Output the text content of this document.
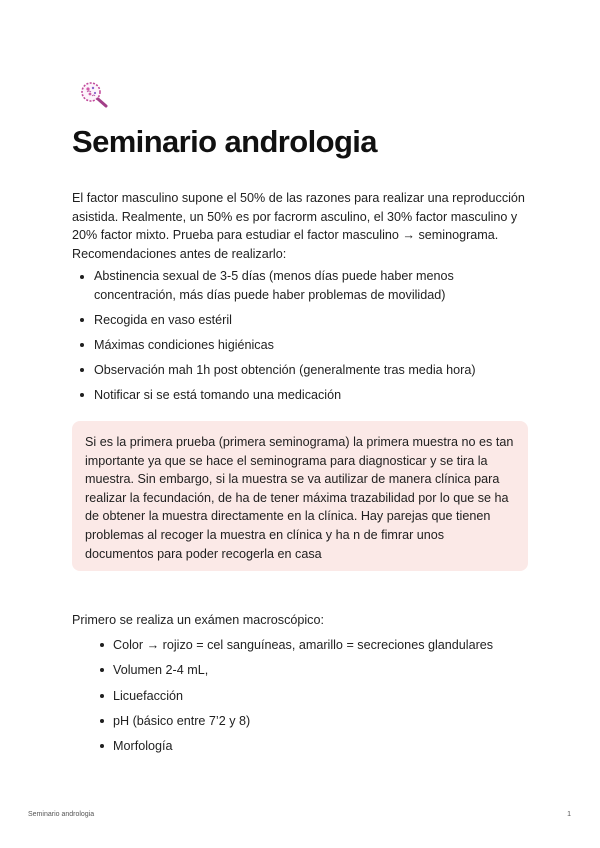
Seminario andrologia

El factor masculino supone el 50% de las razones para realizar una reproducción asistida. Realmente, un 50% es por facrorm asculino, el 30% factor masculino y 20% factor mixto. Prueba para estudiar el factor masculino → seminograma. Recomendaciones antes de realizarlo:

Abstinencia sexual de 3-5 días (menos días puede haber menos concentración, más días puede haber problemas de movilidad)
Recogida en vaso estéril
Máximas condiciones higiénicas
Observación mah 1h post obtención (generalmente tras media hora)
Notificar si se está tomando una medicación

Si es la primera prueba (primera seminograma) la primera muestra no es tan importante ya que se hace el seminograma para diagnosticar y se tira la muestra. Sin embargo, si la muestra se va autilizar de manera clínica para realizar la fecundación, de ha de tener máxima trazabilidad por lo que se ha de obtener la muestra directamente en la clínica. Hay parejas que tienen problemas al recoger la muestra en clínica y ha n de fimrar unos documentos para poder recogerla en casa

Primero se realiza un exámen macroscópico:

Color → rojizo = cel sanguíneas, amarillo = secreciones glandulares
Volumen 2-4 mL,
Licuefacción
pH (básico entre 7’2 y 8)
Morfología
Seminario andrologia	1
